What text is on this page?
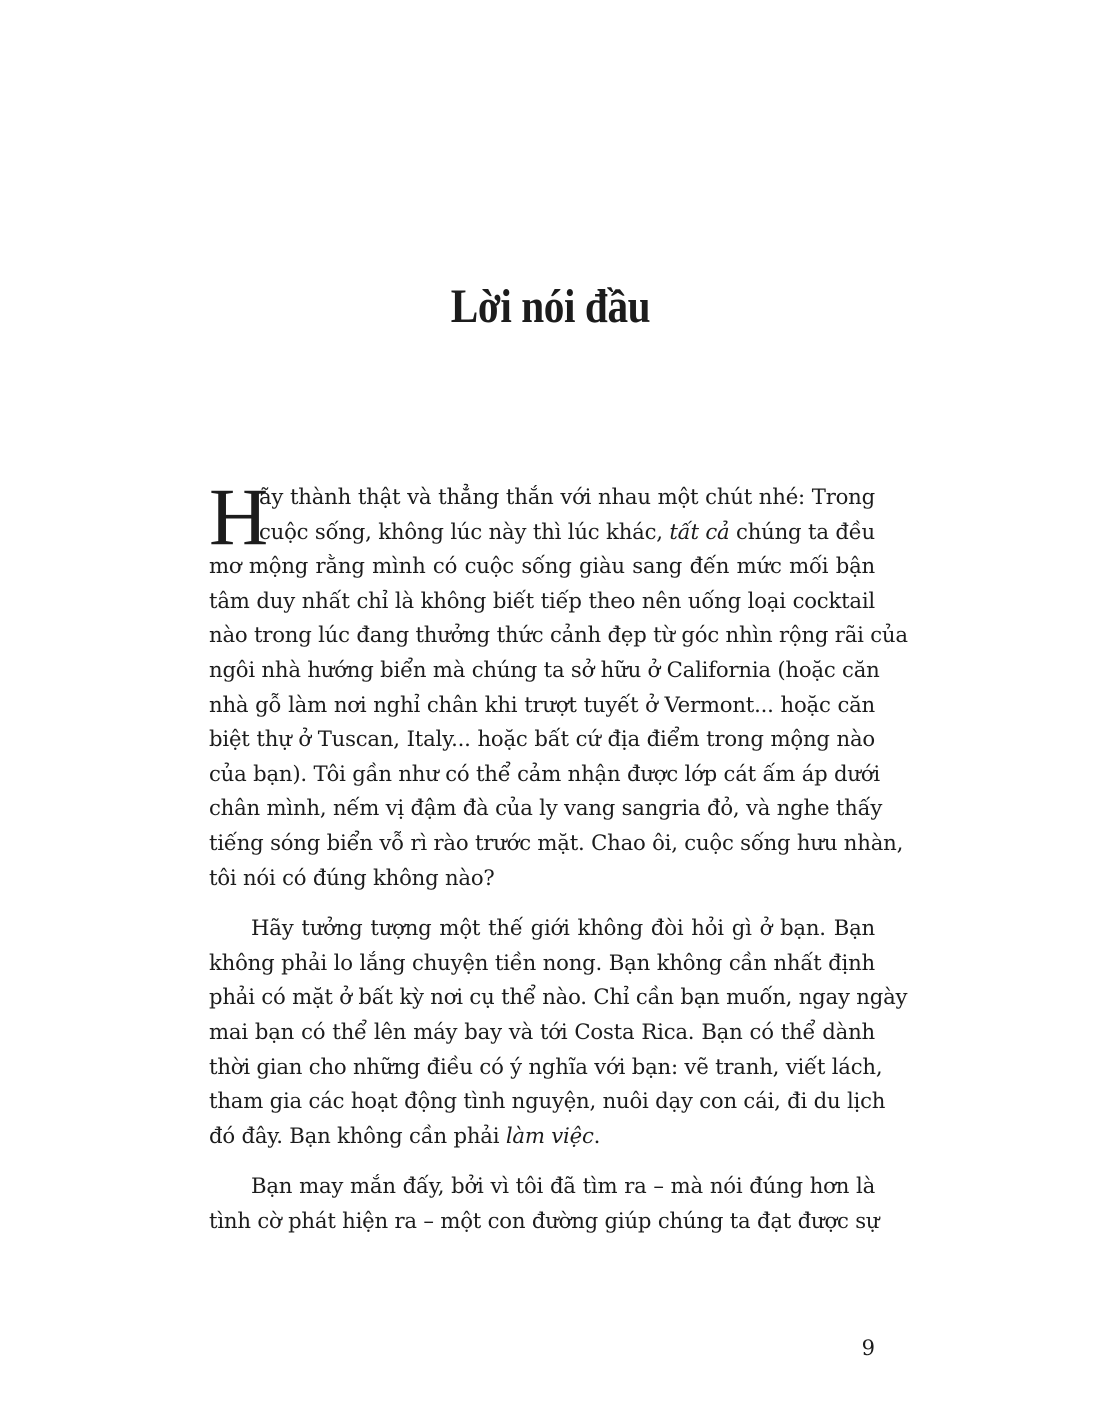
Lời nói đầu
H
ãy thành thật và thẳng thắn với nhau một chút nhé: Trong
cuộc sống, không lúc này thì lúc khác, tất cả chúng ta đều
mơ mộng rằng mình có cuộc sống giàu sang đến mức mối bận
tâm duy nhất chỉ là không biết tiếp theo nên uống loại cocktail
nào trong lúc đang thưởng thức cảnh đẹp từ góc nhìn rộng rãi của
ngôi nhà hướng biển mà chúng ta sở hữu ở California (hoặc căn
nhà gỗ làm nơi nghỉ chân khi trượt tuyết ở Vermont... hoặc căn
biệt thự ở Tuscan, Italy... hoặc bất cứ địa điểm trong mộng nào
của bạn). Tôi gần như có thể cảm nhận được lớp cát ấm áp dưới
chân mình, nếm vị đậm đà của ly vang sangria đỏ, và nghe thấy
tiếng sóng biển vỗ rì rào trước mặt. Chao ôi, cuộc sống hưu nhàn,
tôi nói có đúng không nào?
Hãy tưởng tượng một thế giới không đòi hỏi gì ở bạn. Bạn
không phải lo lắng chuyện tiền nong. Bạn không cần nhất định
phải có mặt ở bất kỳ nơi cụ thể nào. Chỉ cần bạn muốn, ngay ngày
mai bạn có thể lên máy bay và tới Costa Rica. Bạn có thể dành
thời gian cho những điều có ý nghĩa với bạn: vẽ tranh, viết lách,
tham gia các hoạt động tình nguyện, nuôi dạy con cái, đi du lịch
đó đây. Bạn không cần phải làm việc.
Bạn may mắn đấy, bởi vì tôi đã tìm ra – mà nói đúng hơn là
tình cờ phát hiện ra – một con đường giúp chúng ta đạt được sự
9
